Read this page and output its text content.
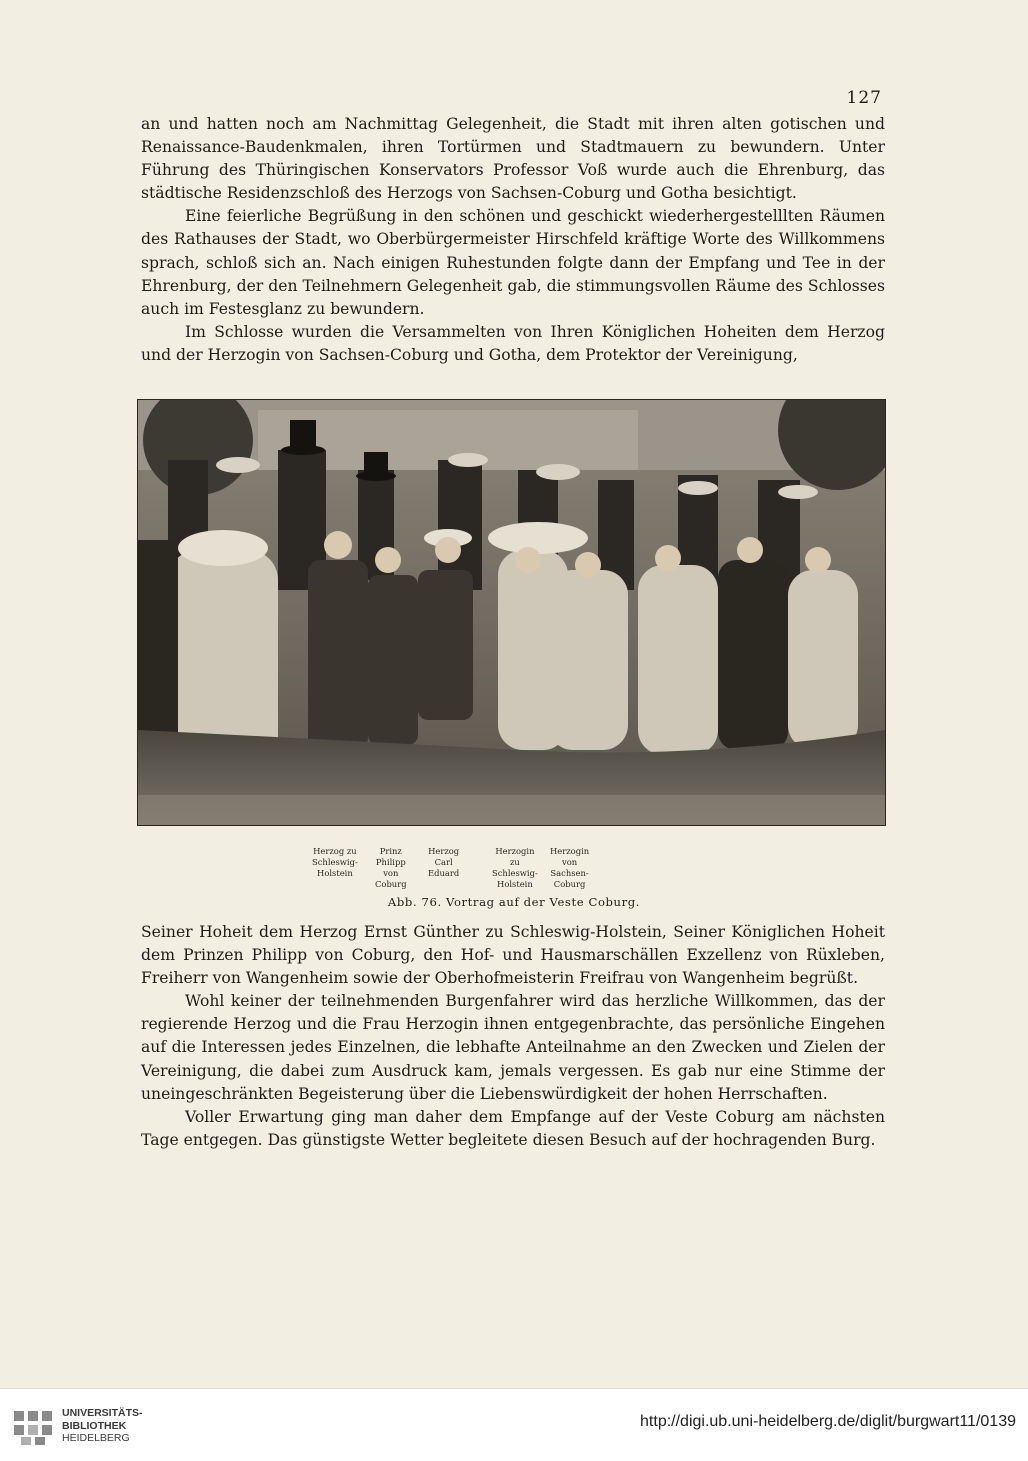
127

an und hatten noch am Nachmittag Gelegenheit, die Stadt mit ihren alten gotischen und Renaissance-Baudenkmalen, ihren Tortürmen und Stadtmauern zu bewundern. Unter Führung des Thüringischen Konservators Professor Voß wurde auch die Ehrenburg, das städtische Residenzschloß des Herzogs von Sachsen-Coburg und Gotha besichtigt.

Eine feierliche Begrüßung in den schönen und geschickt wiederhergestelllten Räumen des Rathauses der Stadt, wo Oberbürgermeister Hirschfeld kräftige Worte des Willkommens sprach, schloß sich an. Nach einigen Ruhestunden folgte dann der Empfang und Tee in der Ehrenburg, der den Teilnehmern Gelegenheit gab, die stimmungsvollen Räume des Schlosses auch im Festesglanz zu bewundern.

Im Schlosse wurden die Versammelten von Ihren Königlichen Hoheiten dem Herzog und der Herzogin von Sachsen-Coburg und Gotha, dem Protektor der Vereinigung,

Herzog zu
Schleswig-
Holstein
Prinz
Philipp
von
Coburg
Herzog
Carl
Eduard
Herzogin
zu
Schleswig-
Holstein
Herzogin
von
Sachsen-
Coburg
Abb. 76. Vortrag auf der Veste Coburg.

Seiner Hoheit dem Herzog Ernst Günther zu Schleswig-Holstein, Seiner Königlichen Hoheit dem Prinzen Philipp von Coburg, den Hof- und Hausmarschällen Exzellenz von Rüxleben, Freiherr von Wangenheim sowie der Oberhofmeisterin Freifrau von Wangenheim begrüßt.

Wohl keiner der teilnehmenden Burgenfahrer wird das herzliche Willkommen, das der regierende Herzog und die Frau Herzogin ihnen entgegenbrachte, das persönliche Eingehen auf die Interessen jedes Einzelnen, die lebhafte Anteilnahme an den Zwecken und Zielen der Vereinigung, die dabei zum Ausdruck kam, jemals vergessen. Es gab nur eine Stimme der uneingeschränkten Begeisterung über die Liebenswürdigkeit der hohen Herrschaften.

Voller Erwartung ging man daher dem Empfange auf der Veste Coburg am nächsten Tage entgegen. Das günstigste Wetter begleitete diesen Besuch auf der hochragenden Burg.

UNIVERSITÄTS-
BIBLIOTHEK
HEIDELBERG
http://digi.ub.uni-heidelberg.de/diglit/burgwart11/0139
